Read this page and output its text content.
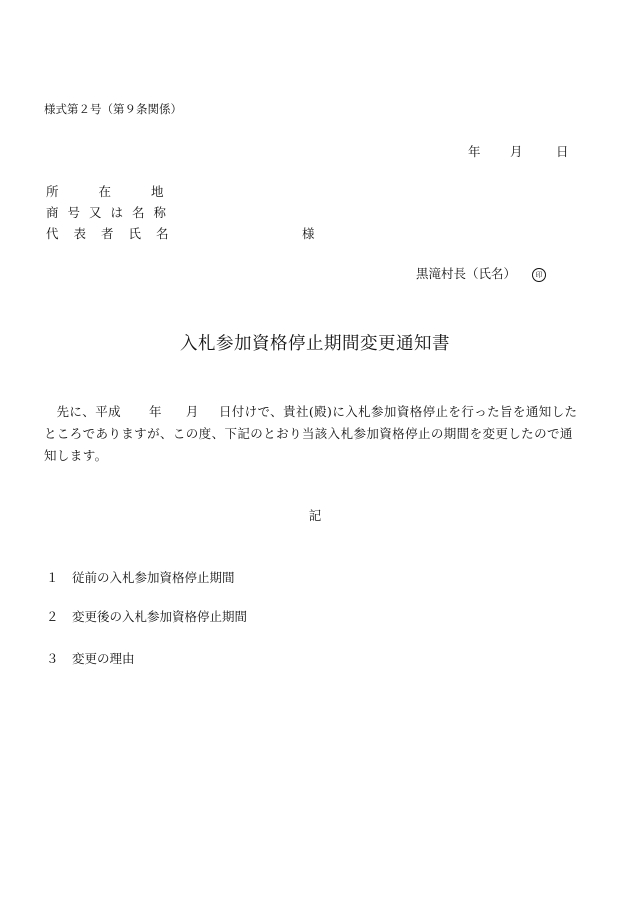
様式第２号（第９条関係）
年 月	日
所在地
商号又は名称
代表者氏名	様
黒滝村長（氏名）	印
入札参加資格停止期間変更通知書
先に、平成 年 月 日付けで、貴社(殿)に入札参加資格停止を行った旨を通知したところでありますが、この度、下記のとおり当該入札参加資格停止の期間を変更したので通知します。
記
１ 従前の入札参加資格停止期間
２ 変更後の入札参加資格停止期間
３ 変更の理由
